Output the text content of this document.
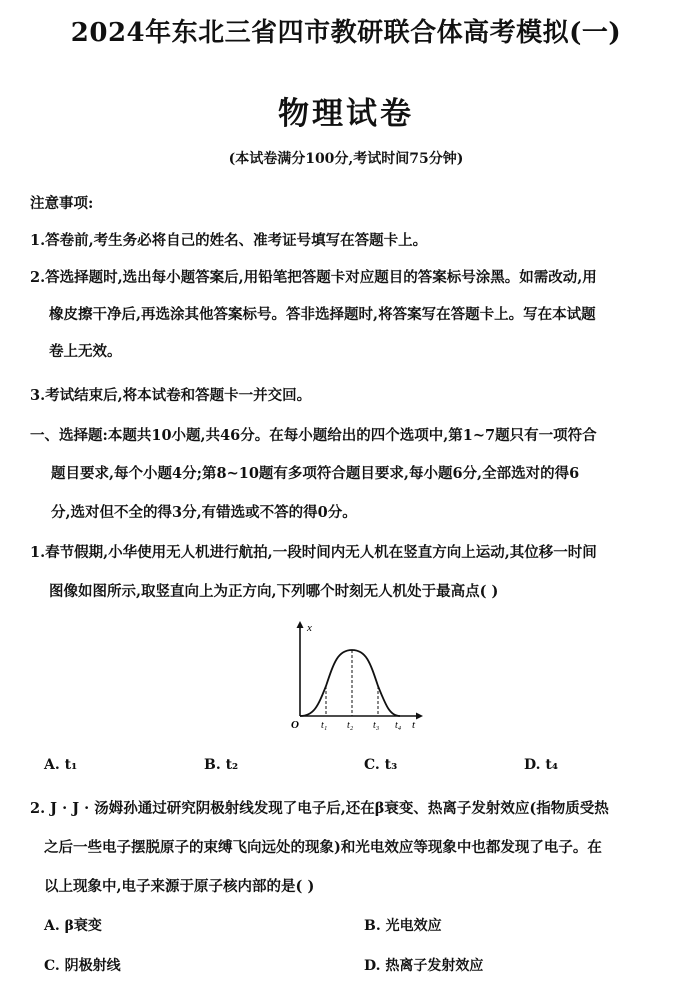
2024年东北三省四市教研联合体高考模拟(一)
物理试卷
(本试卷满分100分,考试时间75分钟)
注意事项:
1.答卷前,考生务必将自己的姓名、准考证号填写在答题卡上。
2.答选择题时,选出每小题答案后,用铅笔把答题卡对应题目的答案标号涂黑。如需改动,用
橡皮擦干净后,再选涂其他答案标号。答非选择题时,将答案写在答题卡上。写在本试题
卷上无效。
3.考试结束后,将本试卷和答题卡一并交回。
一、选择题:本题共10小题,共46分。在每小题给出的四个选项中,第1~7题只有一项符合
题目要求,每个小题4分;第8~10题有多项符合题目要求,每小题6分,全部选对的得6
分,选对但不全的得3分,有错选或不答的得0分。
1.春节假期,小华使用无人机进行航拍,一段时间内无人机在竖直方向上运动,其位移一时间
图像如图所示,取竖直向上为正方向,下列哪个时刻无人机处于最高点( )
x
t
O t₁ t₂ t₃ t₄
A. t₁	B. t₂	C. t₃	D. t₄
2. J · J · 汤姆孙通过研究阴极射线发现了电子后,还在β衰变、热离子发射效应(指物质受热
之后一些电子摆脱原子的束缚飞向远处的现象)和光电效应等现象中也都发现了电子。在
以上现象中,电子来源于原子核内部的是( )
A. β衰变	B. 光电效应
C. 阴极射线	D. 热离子发射效应
